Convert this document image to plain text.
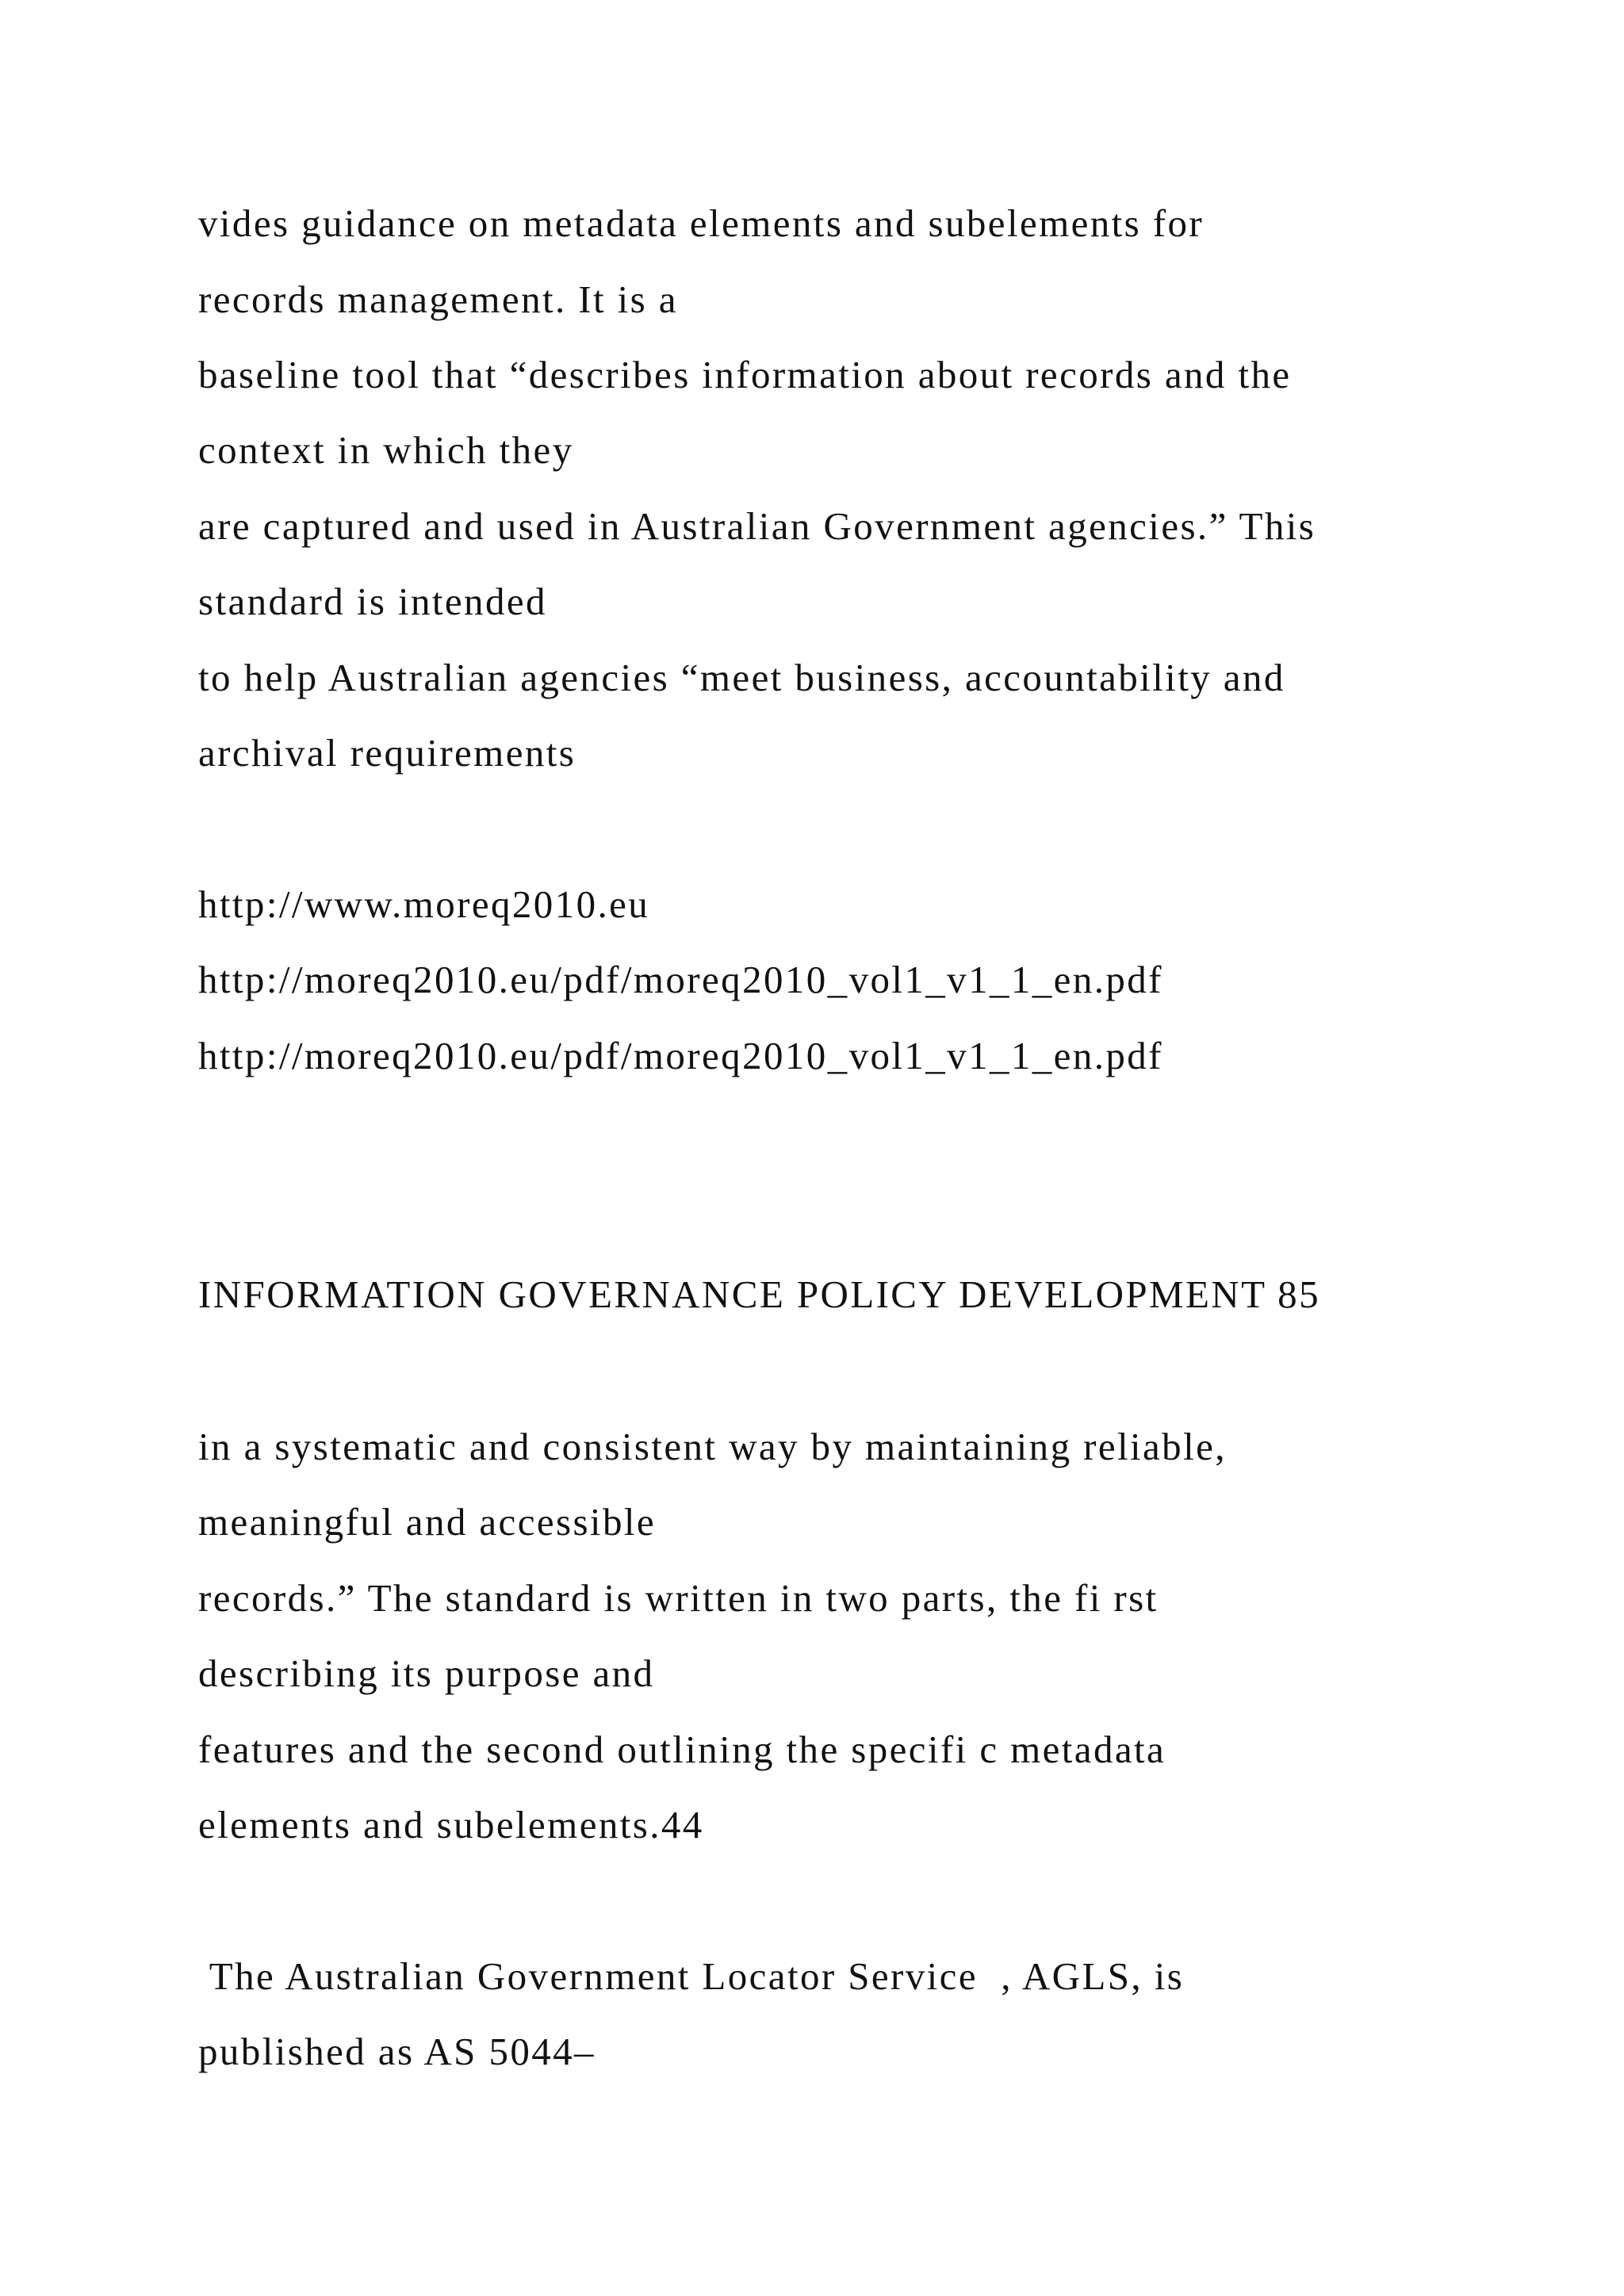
vides guidance on metadata elements and subelements for

records management. It is a

baseline tool that “describes information about records and the

context in which they

are captured and used in Australian Government agencies.” This

standard is intended

to help Australian agencies “meet business, accountability and

archival requirements

http://www.moreq2010.eu

http://moreq2010.eu/pdf/moreq2010_vol1_v1_1_en.pdf

http://moreq2010.eu/pdf/moreq2010_vol1_v1_1_en.pdf

INFORMATION GOVERNANCE POLICY DEVELOPMENT 85

in a systematic and consistent way by maintaining reliable,

meaningful and accessible

records.” The standard is written in two parts, the fi rst

describing its purpose and

features and the second outlining the specifi c metadata

elements and subelements.44

The Australian Government Locator Service  , AGLS, is

published as AS 5044–
